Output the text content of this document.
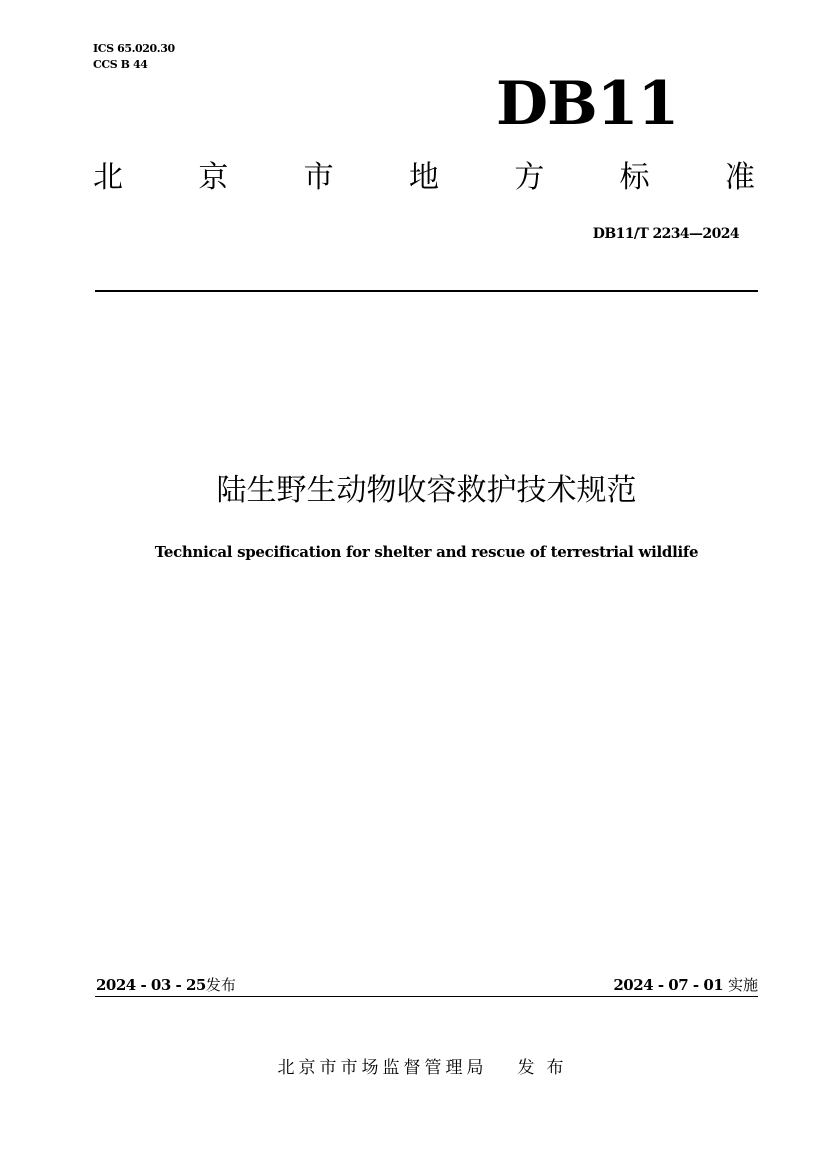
ICS 65.020.30
CCS B 44
DB11
北	京	市	地	方	标	准
DB11/T 2234—2024
陆生野生动物收容救护技术规范
Technical specification for shelter and rescue of terrestrial wildlife
2024 - 03 - 25发布	2024 - 07 - 01 实施
北京市市场监督管理局 发布
